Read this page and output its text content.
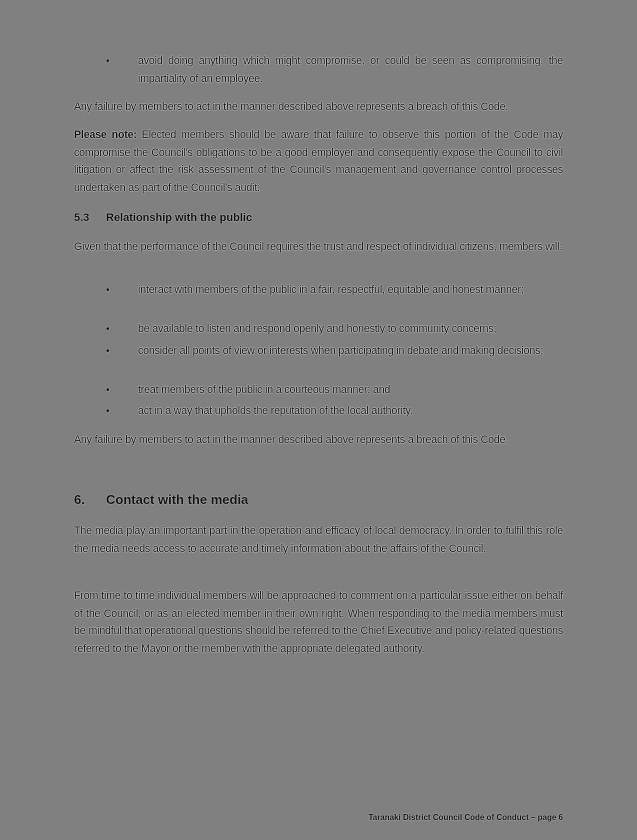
•	avoid doing anything which might compromise, or could be seen as compromising, the impartiality of an employee.
Any failure by members to act in the manner described above represents a breach of this Code.
Please note: Elected members should be aware that failure to observe this portion of the Code may compromise the Council's obligations to be a good employer and consequently expose the Council to civil litigation or affect the risk assessment of the Council's management and governance control processes undertaken as part of the Council's audit.
5.3 Relationship with the public
Given that the performance of the Council requires the trust and respect of individual citizens, members will:
•	interact with members of the public in a fair, respectful, equitable and honest manner;
•	be available to listen and respond openly and honestly to community concerns;
•	consider all points of view or interests when participating in debate and making decisions;
•	treat members of the public in a courteous manner; and
•	act in a way that upholds the reputation of the local authority.
Any failure by members to act in the manner described above represents a breach of this Code.
6. Contact with the media
The media play an important part in the operation and efficacy of local democracy. In order to fulfil this role the media needs access to accurate and timely information about the affairs of the Council.
From time to time individual members will be approached to comment on a particular issue either on behalf of the Council, or as an elected member in their own right. When responding to the media members must be mindful that operational questions should be referred to the Chief Executive and policy-related questions referred to the Mayor or the member with the appropriate delegated authority.
Taranaki District Council Code of Conduct – page 6
